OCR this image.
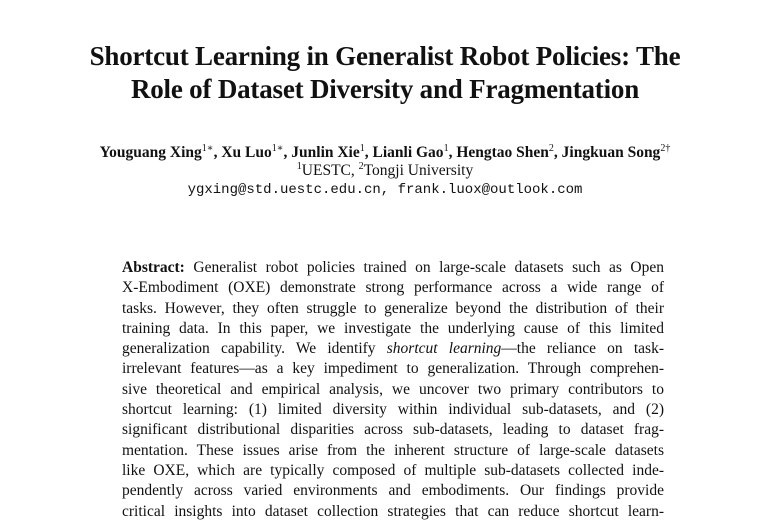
Shortcut Learning in Generalist Robot Policies: The
Role of Dataset Diversity and Fragmentation
Youguang Xing$^{1∗}$, Xu Luo$^{1∗}$, Junlin Xie$^1$, Lianli Gao$^1$, Hengtao Shen$^2$, Jingkuan Song$^{2\dagger}$
$^1$UESTC, $^2$Tongji University
ygxing@std.uestc.edu.cn, frank.luox@outlook.com
Abstract: Generalist robot policies trained on large-scale datasets such as Open
X-Embodiment (OXE) demonstrate strong performance across a wide range of
tasks. However, they often struggle to generalize beyond the distribution of their
training data. In this paper, we investigate the underlying cause of this limited
generalization capability. We identify shortcut learning—the reliance on task-
irrelevant features—as a key impediment to generalization. Through comprehen-
sive theoretical and empirical analysis, we uncover two primary contributors to
shortcut learning: (1) limited diversity within individual sub-datasets, and (2)
significant distributional disparities across sub-datasets, leading to dataset frag-
mentation. These issues arise from the inherent structure of large-scale datasets
like OXE, which are typically composed of multiple sub-datasets collected inde-
pendently across varied environments and embodiments. Our findings provide
critical insights into dataset collection strategies that can reduce shortcut learn-
